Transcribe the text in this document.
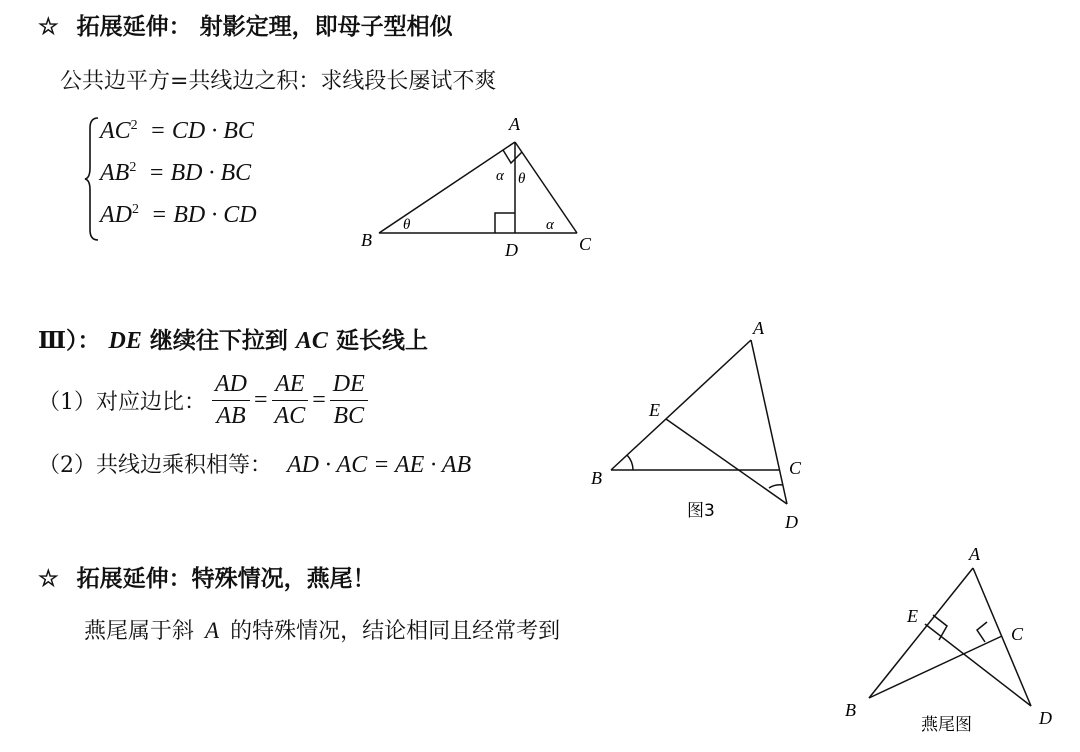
☆ 拓展延伸： 射影定理，即母子型相似
公共边平方=共线边之积：求线段长屡试不爽
$AC^2$ = CD · BC
$AB^2$ = BD · BC
$AD^2$ = BD · CD
A
B	C
D
α θ
θ	α
Ⅲ）： DE 继续往下拉到 AC 延长线上
（1）对应边比： $\frac{AD}{AB} = \frac{AE}{AC} = \frac{DE}{BC}$
（2）共线边乘积相等： AD · AC = AE · AB
A
E
B	C
D
图3
☆ 拓展延伸：特殊情况，燕尾！
燕尾属于斜 A 的特殊情况，结论相同且经常考到
A
E
C
B	D
燕尾图
